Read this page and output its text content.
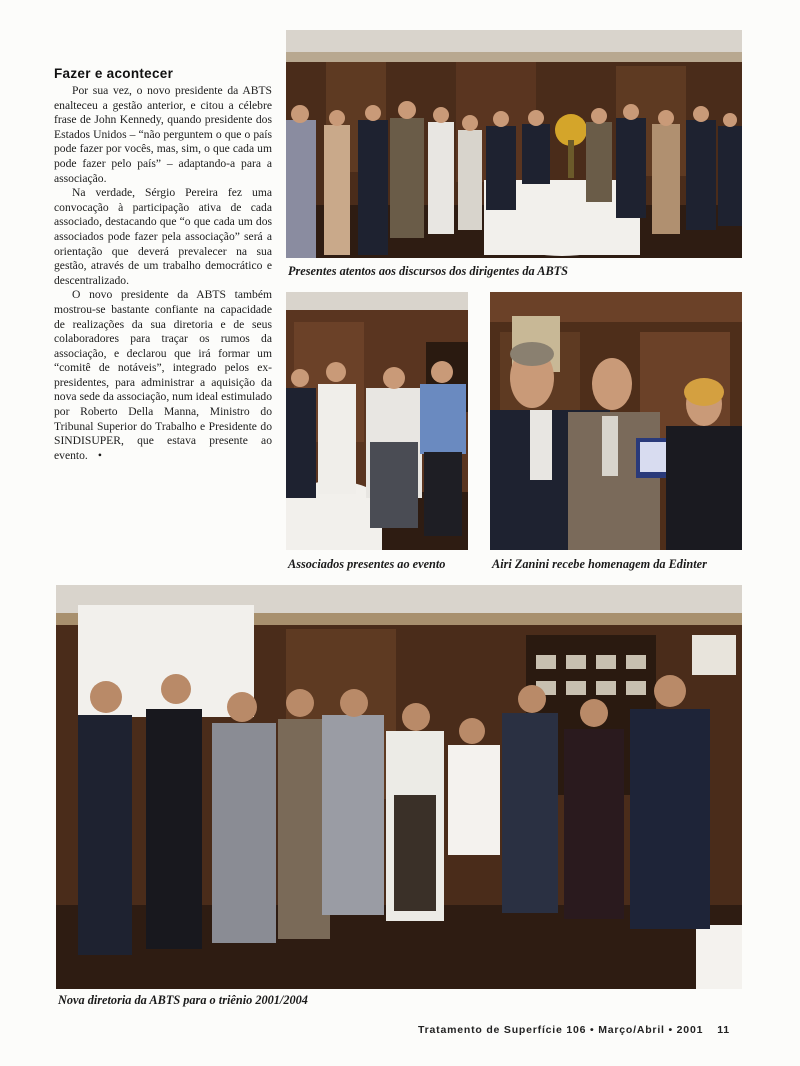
Fazer e acontecer

Por sua vez, o novo presidente da ABTS enalteceu a gestão anterior, e citou a célebre frase de John Kennedy, quando presidente dos Estados Unidos – “não perguntem o que o país pode fazer por vocês, mas, sim, o que cada um pode fazer pelo país” – adaptando-a para a associação.

Na verdade, Sérgio Pereira fez uma convocação à participação ativa de cada associado, destacando que “o que cada um dos associados pode fazer pela associação” será a orientação que deverá prevalecer na sua gestão, através de um trabalho democrático e descentralizado.

O novo presidente da ABTS também mostrou-se bastante confiante na capacidade de realizações da sua diretoria e de seus colaboradores para traçar os rumos da associação, e declarou que irá formar um “comitê de notáveis”, integrado pelos ex-presidentes, para administrar a aquisição da nova sede da associação, num ideal estimulado por Roberto Della Manna, Ministro do Tribunal Superior do Trabalho e Presidente do SINDISUPER, que estava presente ao evento. •

Presentes atentos aos discursos dos dirigentes da ABTS
Associados presentes ao evento	Airi Zanini recebe homenagem da Edinter
Nova diretoria da ABTS para o triênio 2001/2004
Tratamento de Superfície 106 • Março/Abril • 2001 11
